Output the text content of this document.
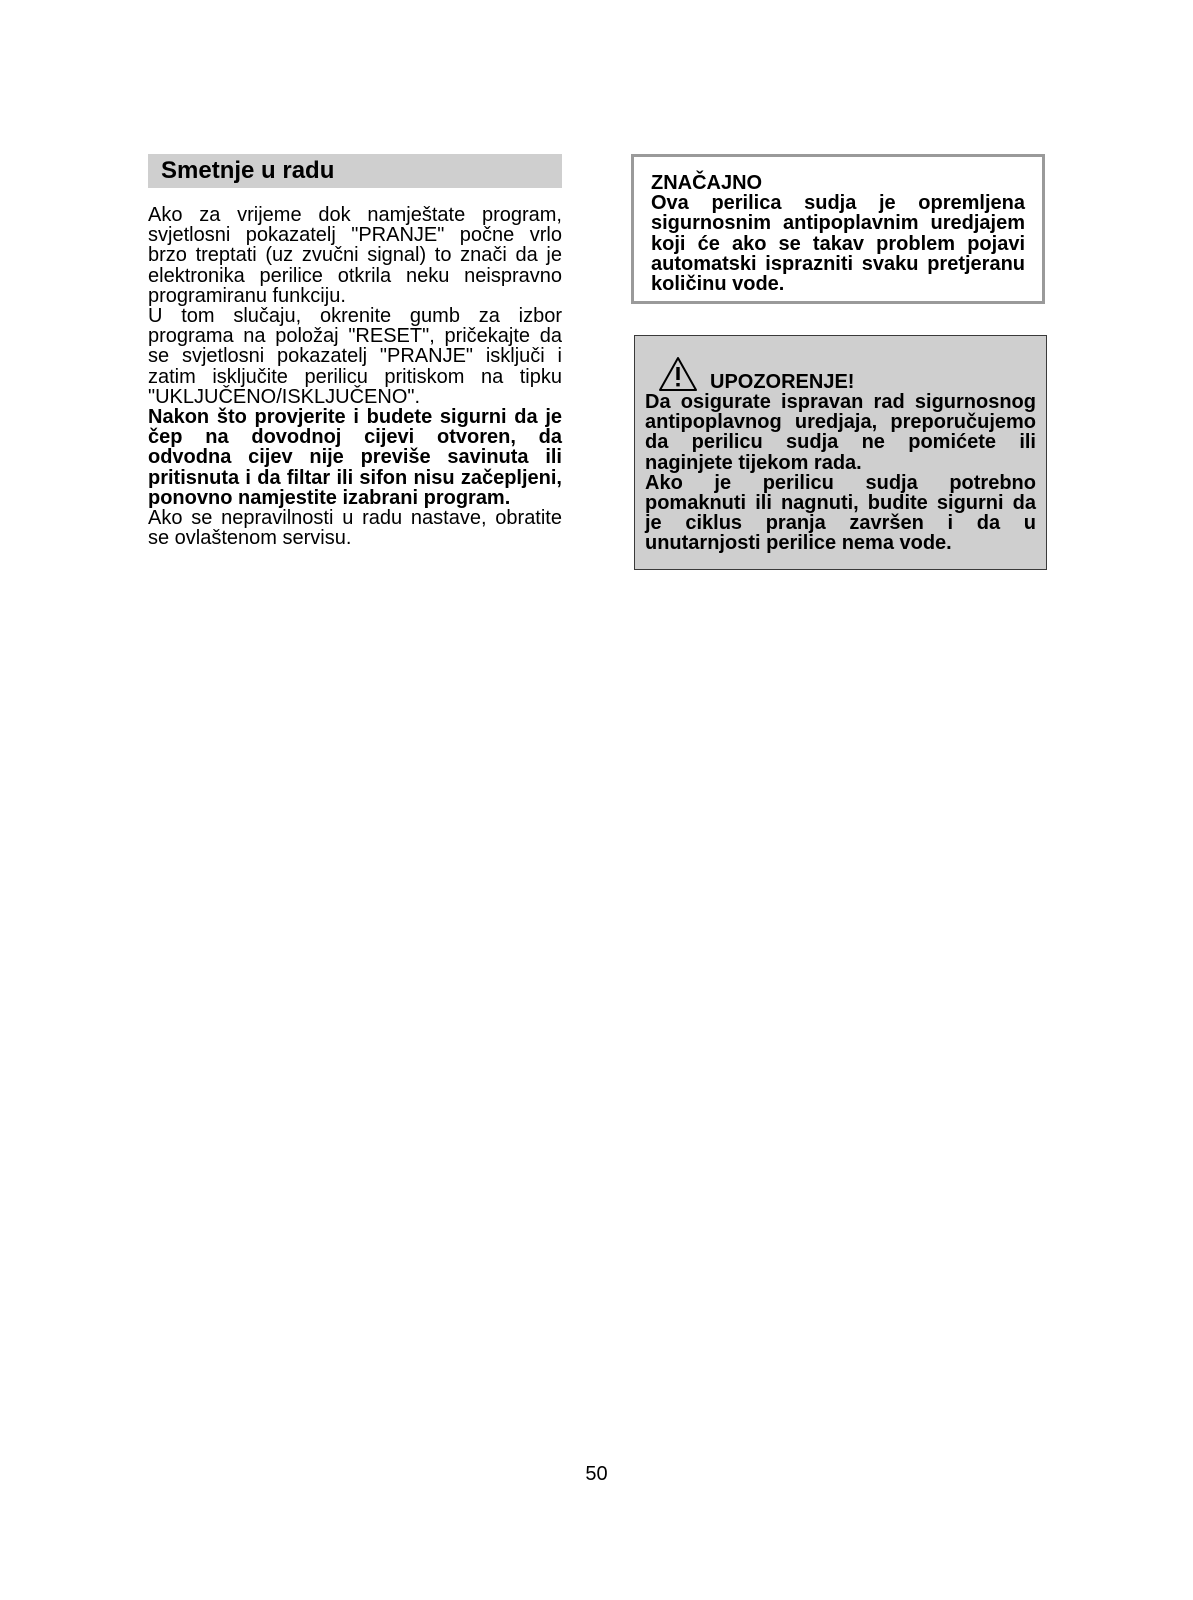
Smetnje u radu

Ako za vrijeme dok namještate program, svjetlosni pokazatelj "PRANJE" počne vrlo brzo treptati (uz zvučni signal) to znači da je elektronika perilice otkrila neku neispravno programiranu funkciju.

U tom slučaju, okrenite gumb za izbor programa na položaj "RESET", pričekajte da se svjetlosni pokazatelj "PRANJE" isključi i zatim isključite perilicu pritiskom na tipku "UKLJUČENO/ISKLJUČENO".

Nakon što provjerite i budete sigurni da je čep na dovodnoj cijevi otvoren, da odvodna cijev nije previše savinuta ili pritisnuta i da filtar ili sifon nisu začepljeni, ponovno namjestite izabrani program.

Ako se nepravilnosti u radu nastave, obratite se ovlaštenom servisu.

ZNAČAJNO

Ova perilica sudja je opremljena sigurnosnim antipoplavnim uredjajem koji će ako se takav problem pojavi automatski isprazniti svaku pretjeranu količinu vode.

UPOZORENJE!

Da osigurate ispravan rad sigurnosnog antipoplavnog uredjaja, preporučujemo da perilicu sudja ne pomićete ili naginjete tijekom rada.

Ako je perilicu sudja potrebno pomaknuti ili nagnuti, budite sigurni da je ciklus pranja završen i da u unutarnjosti perilice nema vode.

50
